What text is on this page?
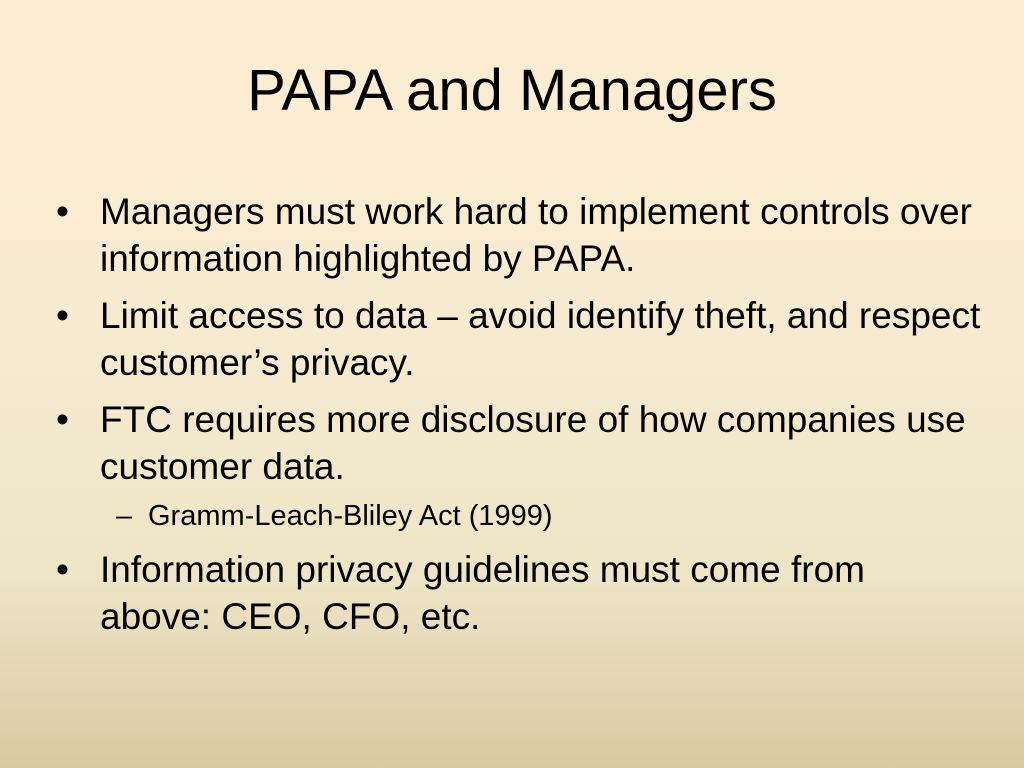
PAPA and Managers
• Managers must work hard to implement controls over information highlighted by PAPA.
• Limit access to data – avoid identify theft, and respect customer’s privacy.
• FTC requires more disclosure of how companies use customer data.
– Gramm-Leach-Bliley Act (1999)
• Information privacy guidelines must come from above: CEO, CFO, etc.
